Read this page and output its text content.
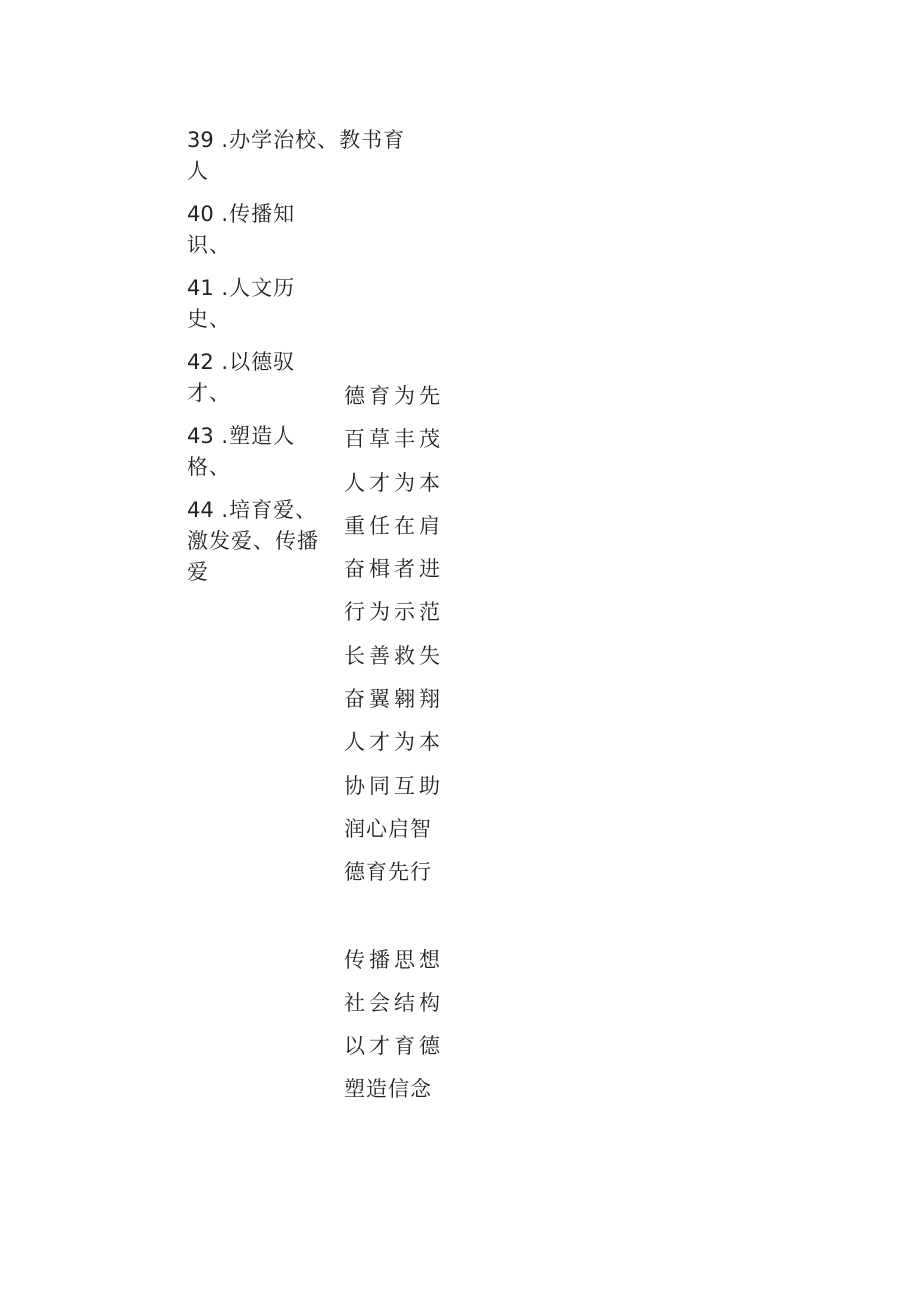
39 .办学治校、教书育人
40 .传播知识、
41 .人文历史、
42 .以德驭才、
43 .塑造人格、
44 .培育爱、激发爱、传播爱
德育为先
百草丰茂
人才为本
重任在肩
奋楫者进
行为示范
长善救失
奋翼翱翔
人才为本
协同互助
润心启智
德育先行
传播思想
社会结构
以才育德
塑造信念
